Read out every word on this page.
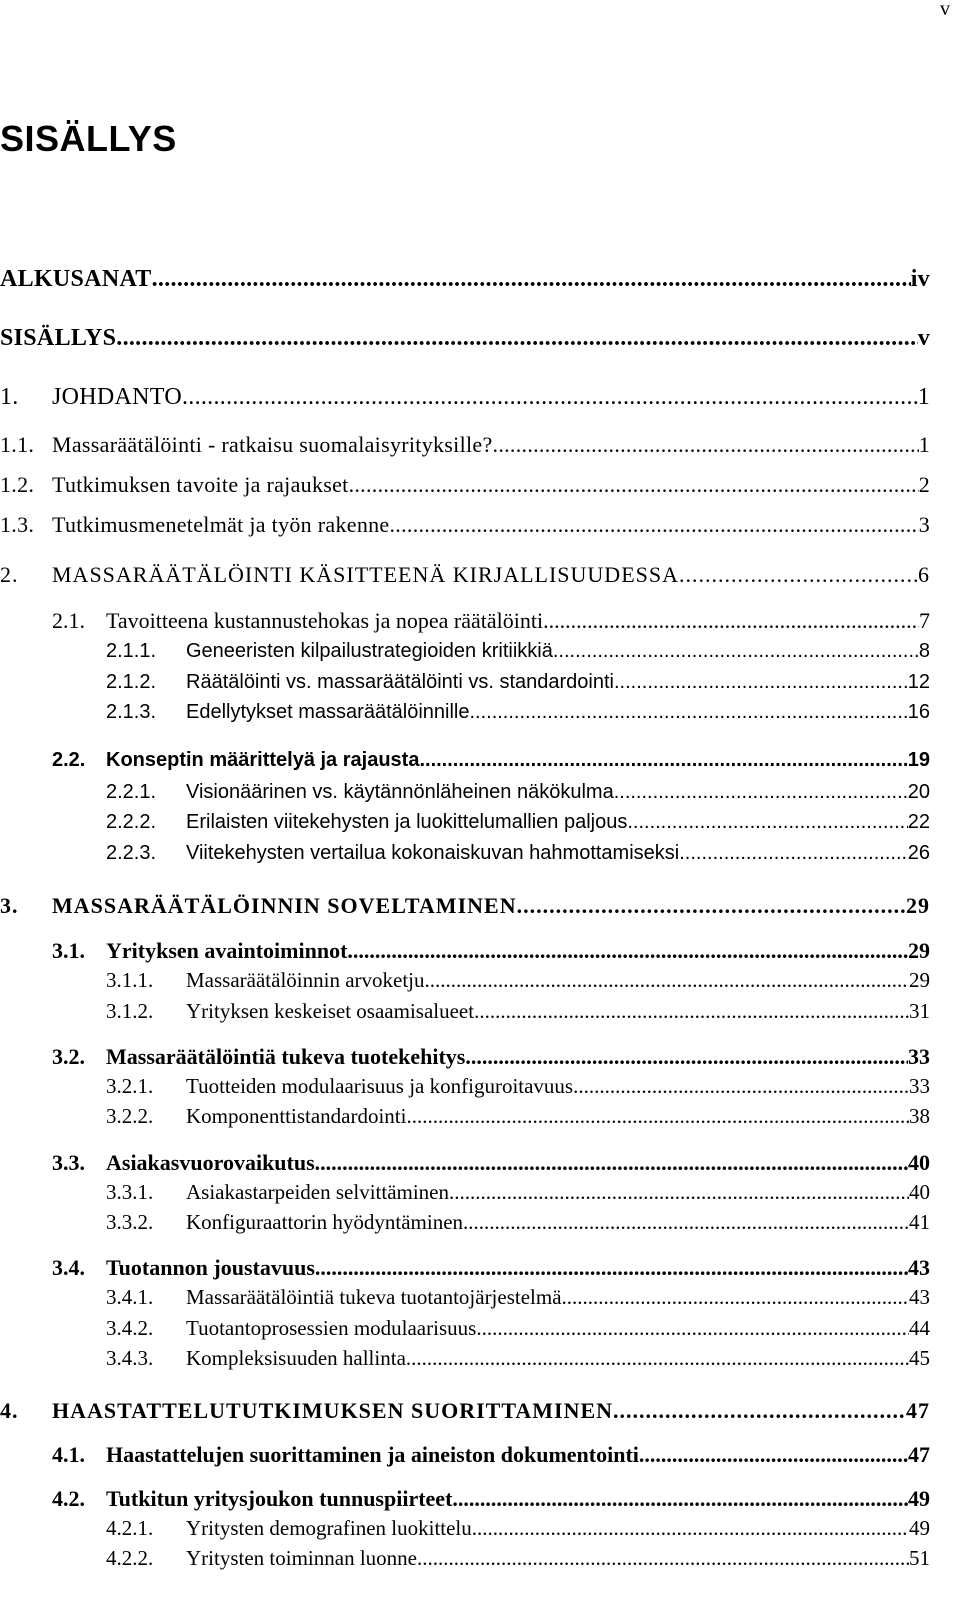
v
SISÄLLYS
ALKUSANAT .....	iv
SISÄLLYS .....	v
1.	JOHDANTO .....	1
1.1. Massaräätälöinti - ratkaisu suomalaisyrityksille? .....	1
1.2. Tutkimuksen tavoite ja rajaukset .....	2
1.3. Tutkimusmenetelmät ja työn rakenne .....	3
2.	MASSARÄÄTÄLÖINTI KÄSITTEENÄ KIRJALLISUUDESSA .....	6
2.1. Tavoitteena kustannustehokas ja nopea räätälöinti .....	7
2.1.1.	Geneeristen kilpailustrategioiden kritiikkiä .....	8
2.1.2.	Räätälöinti vs. massaräätälöinti vs. standardointi .....	12
2.1.3.	Edellytykset massaräätälöinnille .....	16
2.2.	Konseptin määrittelyä ja rajausta .....	19
2.2.1.	Visionäärinen vs. käytännönläheinen näkökulma .....	20
2.2.2.	Erilaisten viitekehysten ja luokittelumallien paljous .....	22
2.2.3.	Viitekehysten vertailua kokonaiskuvan hahmottamiseksi .....	26
3.	MASSARÄÄTÄLÖINNIN SOVELTAMINEN .....	29
3.1. Yrityksen avaintoiminnot .....	29
3.1.1.	Massaräätälöinnin arvoketju .....	29
3.1.2.	Yrityksen keskeiset osaamisalueet .....	31
3.2. Massaräätälöintiä tukeva tuotekehitys .....	33
3.2.1.	Tuotteiden modulaarisuus ja konfiguroitavuus .....	33
3.2.2.	Komponenttistandardointi .....	38
3.3. Asiakasvuorovaikutus .....	40
3.3.1.	Asiakastarpeiden selvittäminen .....	40
3.3.2.	Konfiguraattorin hyödyntäminen .....	41
3.4. Tuotannon joustavuus .....	43
3.4.1.	Massaräätälöintiä tukeva tuotantojärjestelmä .....	43
3.4.2.	Tuotantoprosessien modulaarisuus .....	44
3.4.3.	Kompleksisuuden hallinta .....	45
4.	HAASTATTELUTUTKIMUKSEN SUORITTAMINEN .....	47
4.1. Haastattelujen suorittaminen ja aineiston dokumentointi .....	47
4.2. Tutkitun yritysjoukon tunnuspiirteet .....	49
4.2.1.	Yritysten demografinen luokittelu .....	49
4.2.2.	Yritysten toiminnan luonne .....	51
